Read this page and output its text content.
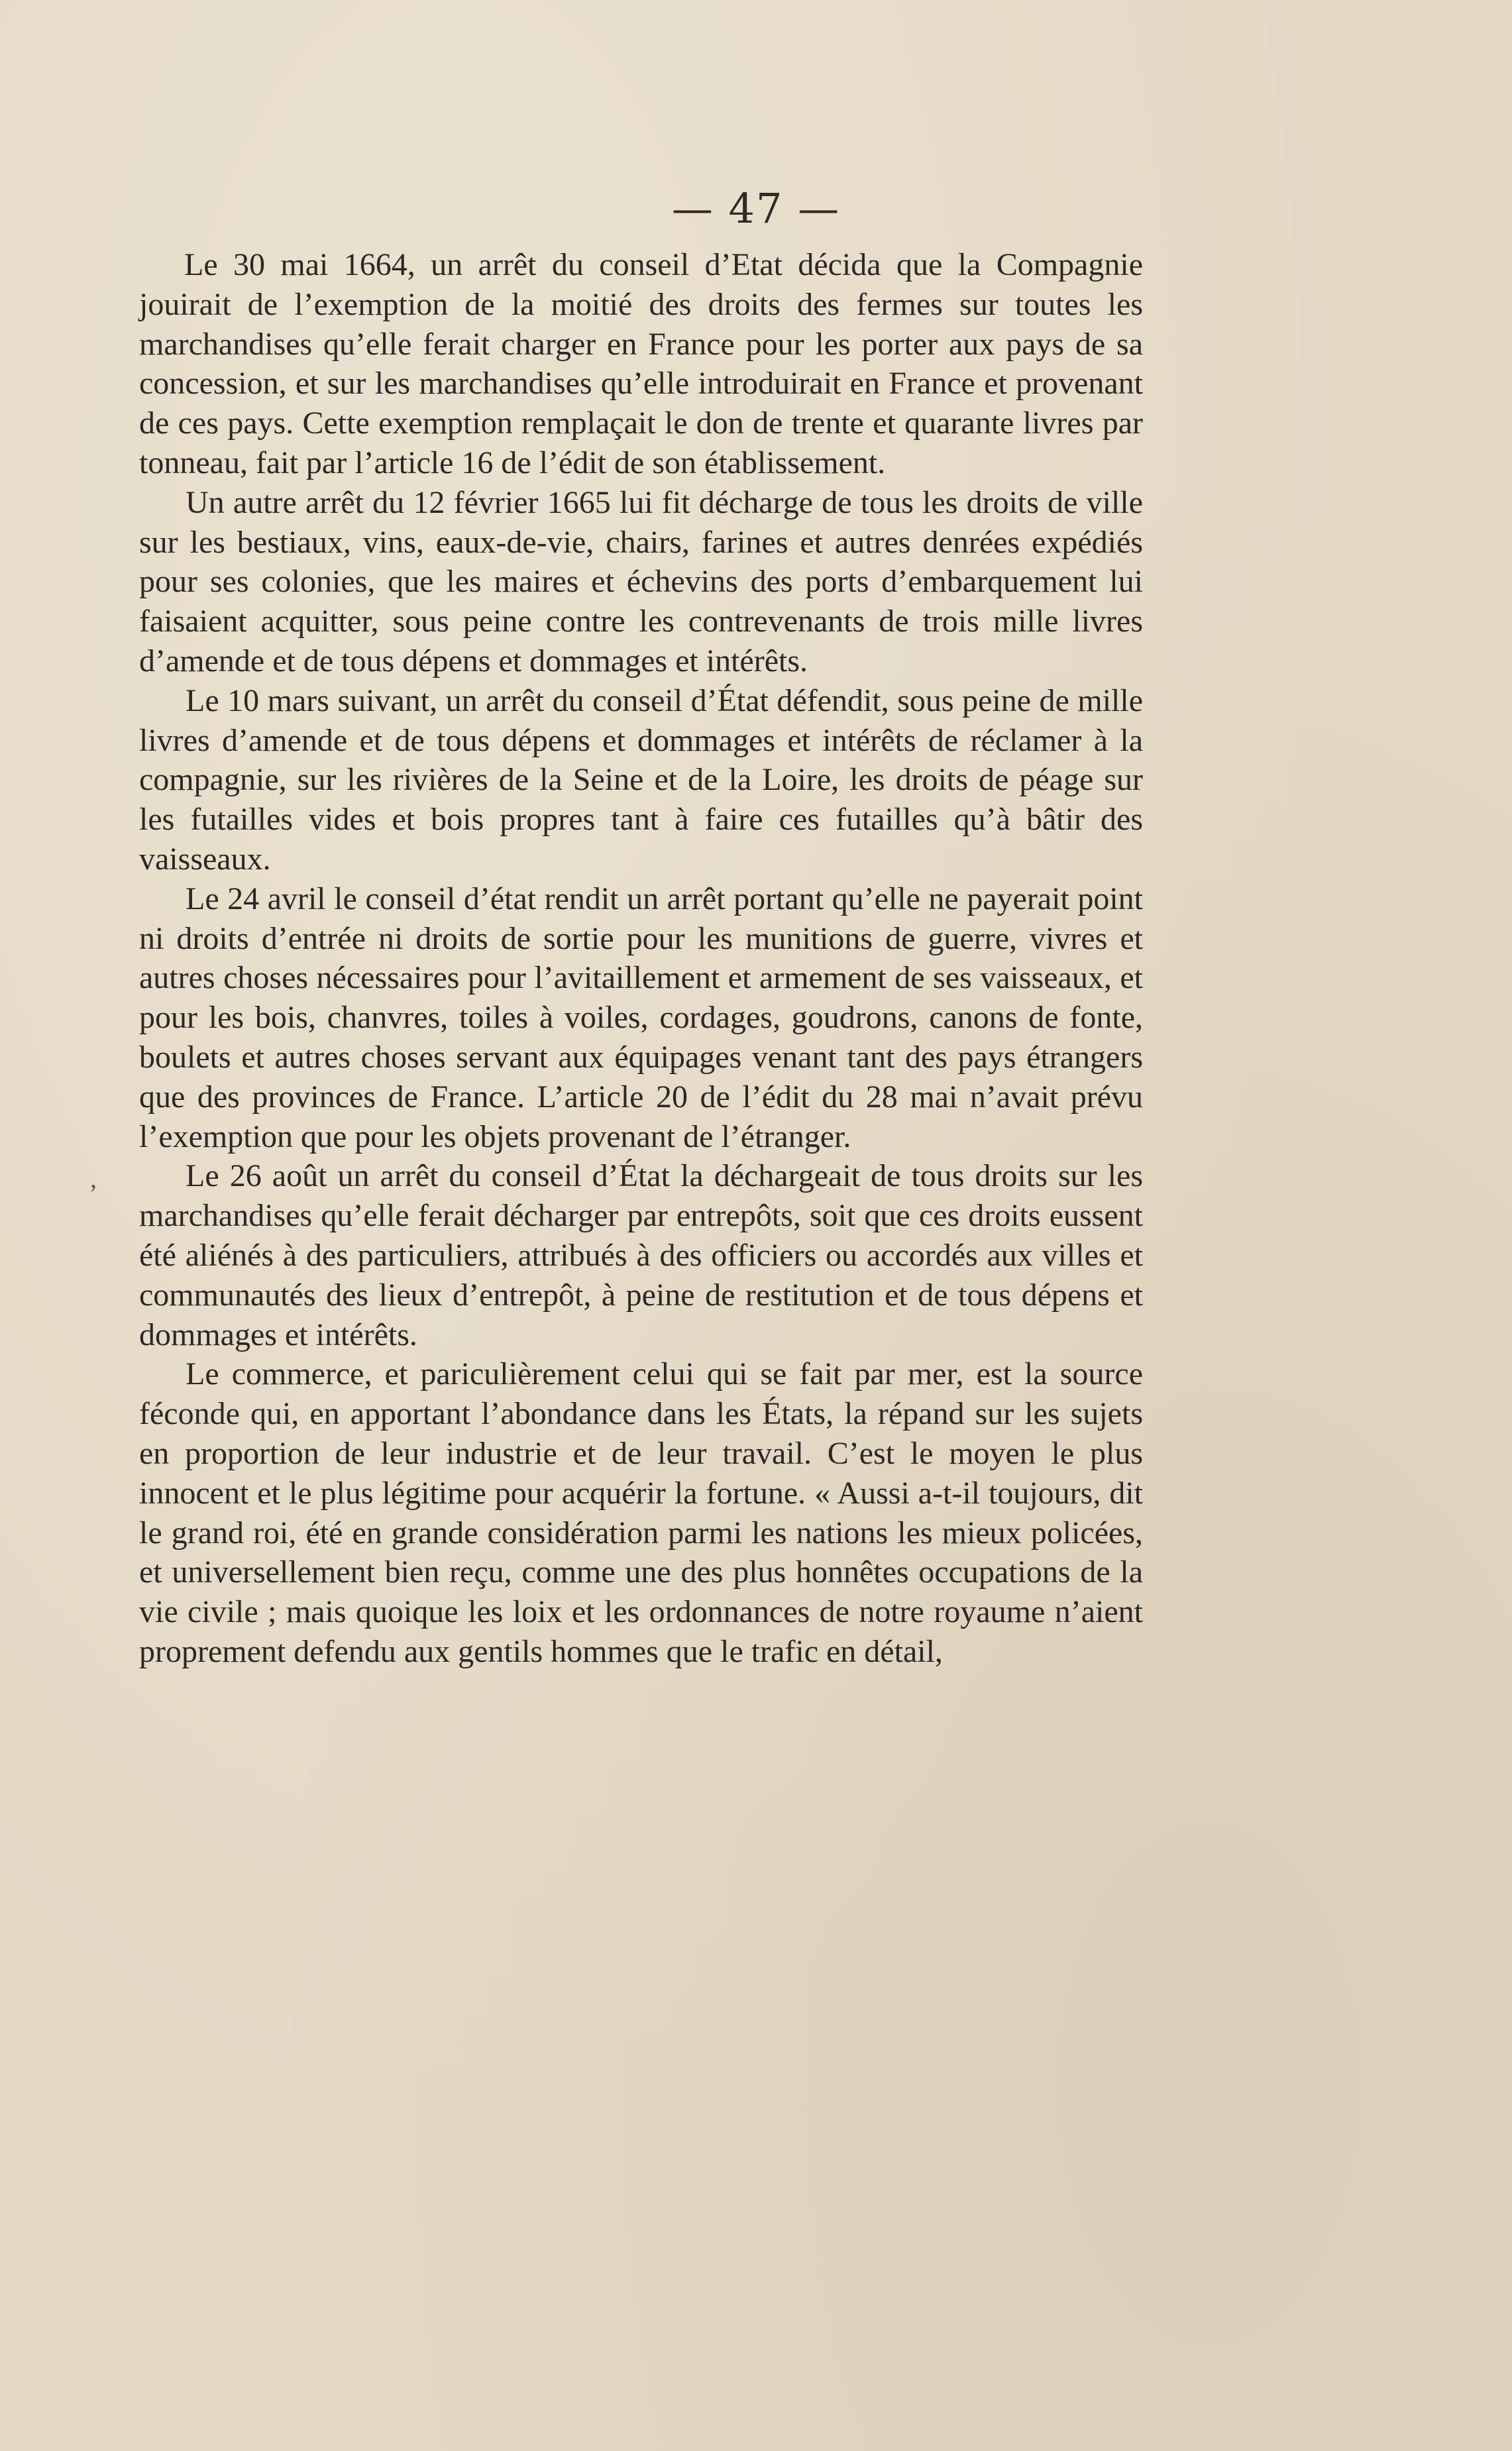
— 47 —
,

Le 30 mai 1664, un arrêt du conseil d’Etat décida que la Compagnie jouirait de l’exemption de la moitié des droits des fermes sur toutes les marchandises qu’elle ferait charger en France pour les porter aux pays de sa concession, et sur les marchandises qu’elle introduirait en France et provenant de ces pays. Cette exemption remplaçait le don de trente et quarante livres par tonneau, fait par l’article 16 de l’édit de son établissement.

Un autre arrêt du 12 février 1665 lui fit décharge de tous les droits de ville sur les bestiaux, vins, eaux-de-vie, chairs, farines et autres denrées expédiés pour ses colonies, que les maires et échevins des ports d’embarquement lui faisaient acquitter, sous peine contre les contrevenants de trois mille livres d’amende et de tous dépens et dommages et intérêts.

Le 10 mars suivant, un arrêt du conseil d’État défendit, sous peine de mille livres d’amende et de tous dépens et dommages et intérêts de réclamer à la compagnie, sur les rivières de la Seine et de la Loire, les droits de péage sur les futailles vides et bois propres tant à faire ces futailles qu’à bâtir des vaisseaux.

Le 24 avril le conseil d’état rendit un arrêt portant qu’elle ne payerait point ni droits d’entrée ni droits de sortie pour les munitions de guerre, vivres et autres choses nécessaires pour l’avitaillement et armement de ses vaisseaux, et pour les bois, chanvres, toiles à voiles, cordages, goudrons, canons de fonte, boulets et autres choses servant aux équipages venant tant des pays étrangers que des provinces de France. L’article 20 de l’édit du 28 mai n’avait prévu l’exemption que pour les objets provenant de l’étranger.

Le 26 août un arrêt du conseil d’État la déchargeait de tous droits sur les marchandises qu’elle ferait décharger par entrepôts, soit que ces droits eussent été aliénés à des particuliers, attribués à des officiers ou accordés aux villes et communautés des lieux d’entrepôt, à peine de restitution et de tous dépens et dommages et intérêts.

Le commerce, et pariculièrement celui qui se fait par mer, est la source féconde qui, en apportant l’abondance dans les États, la répand sur les sujets en proportion de leur industrie et de leur travail. C’est le moyen le plus innocent et le plus légitime pour acquérir la fortune. « Aussi a-t-il toujours, dit le grand roi, été en grande considération parmi les nations les mieux policées, et universellement bien reçu, comme une des plus honnêtes occupations de la vie civile ; mais quoique les loix et les ordonnances de notre royaume n’aient proprement defendu aux gentils hommes que le trafic en détail,
